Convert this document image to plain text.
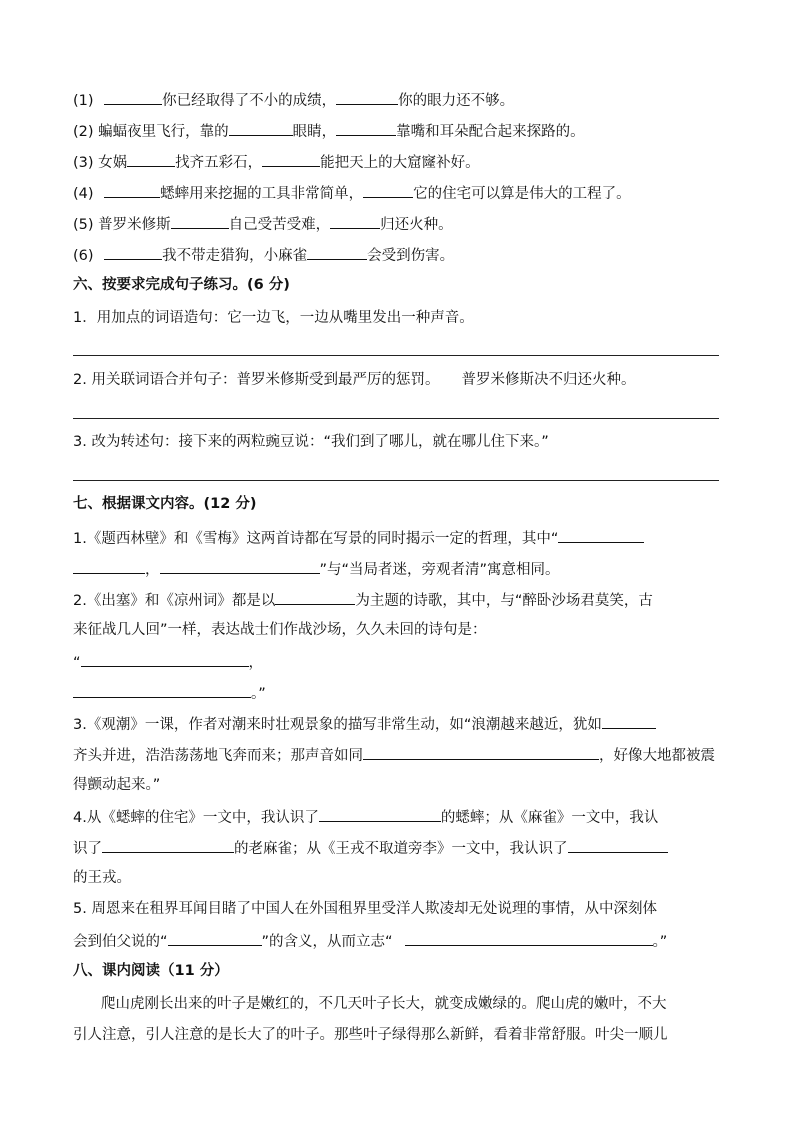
(1)	你已经取得了不小的成绩，	你的眼力还不够。
(2) 蝙蝠夜里飞行，靠的	眼睛，	靠嘴和耳朵配合起来探路的。
(3) 女娲	找齐五彩石，	能把天上的大窟窿补好。
(4)	蟋蟀用来挖掘的工具非常简单，	它的住宅可以算是伟大的工程了。
(5) 普罗米修斯	自己受苦受难，	归还火种。
(6)	我不带走猎狗，小麻雀	会受到伤害。
六、按要求完成句子练习。(6 分)
1．用加点的词语造句：它一边飞，一边从嘴里发出一种声音。
2. 用关联词语合并句子：普罗米修斯受到最严厉的惩罚。 普罗米修斯决不归还火种。
3. 改为转述句：接下来的两粒豌豆说：“我们到了哪儿，就在哪儿住下来。”
七、根据课文内容。(12 分)
1.《题西林壁》和《雪梅》这两首诗都在写景的同时揭示一定的哲理，其中“
，	”与“当局者迷，旁观者清”寓意相同。
2.《出塞》和《凉州词》都是以	为主题的诗歌，其中，与“醉卧沙场君莫笑，古
来征战几人回”一样，表达战士们作战沙场，久久未回的诗句是：
“	，
。”
3.《观潮》一课，作者对潮来时壮观景象的描写非常生动，如“浪潮越来越近，犹如
齐头并进，浩浩荡荡地飞奔而来；那声音如同	，好像大地都被震
得颤动起来。”
4.从《蟋蟀的住宅》一文中，我认识了	的蟋蟀；从《麻雀》一文中，我认
识了	的老麻雀；从《王戎不取道旁李》一文中，我认识了
的王戎。
5. 周恩来在租界耳闻目睹了中国人在外国租界里受洋人欺凌却无处说理的事情，从中深刻体
会到伯父说的“	”的含义，从而立志“	。”
八、课内阅读（11 分）
爬山虎刚长出来的叶子是嫩红的，不几天叶子长大，就变成嫩绿的。爬山虎的嫩叶，不大
引人注意，引人注意的是长大了的叶子。那些叶子绿得那么新鲜，看着非常舒服。叶尖一顺儿
